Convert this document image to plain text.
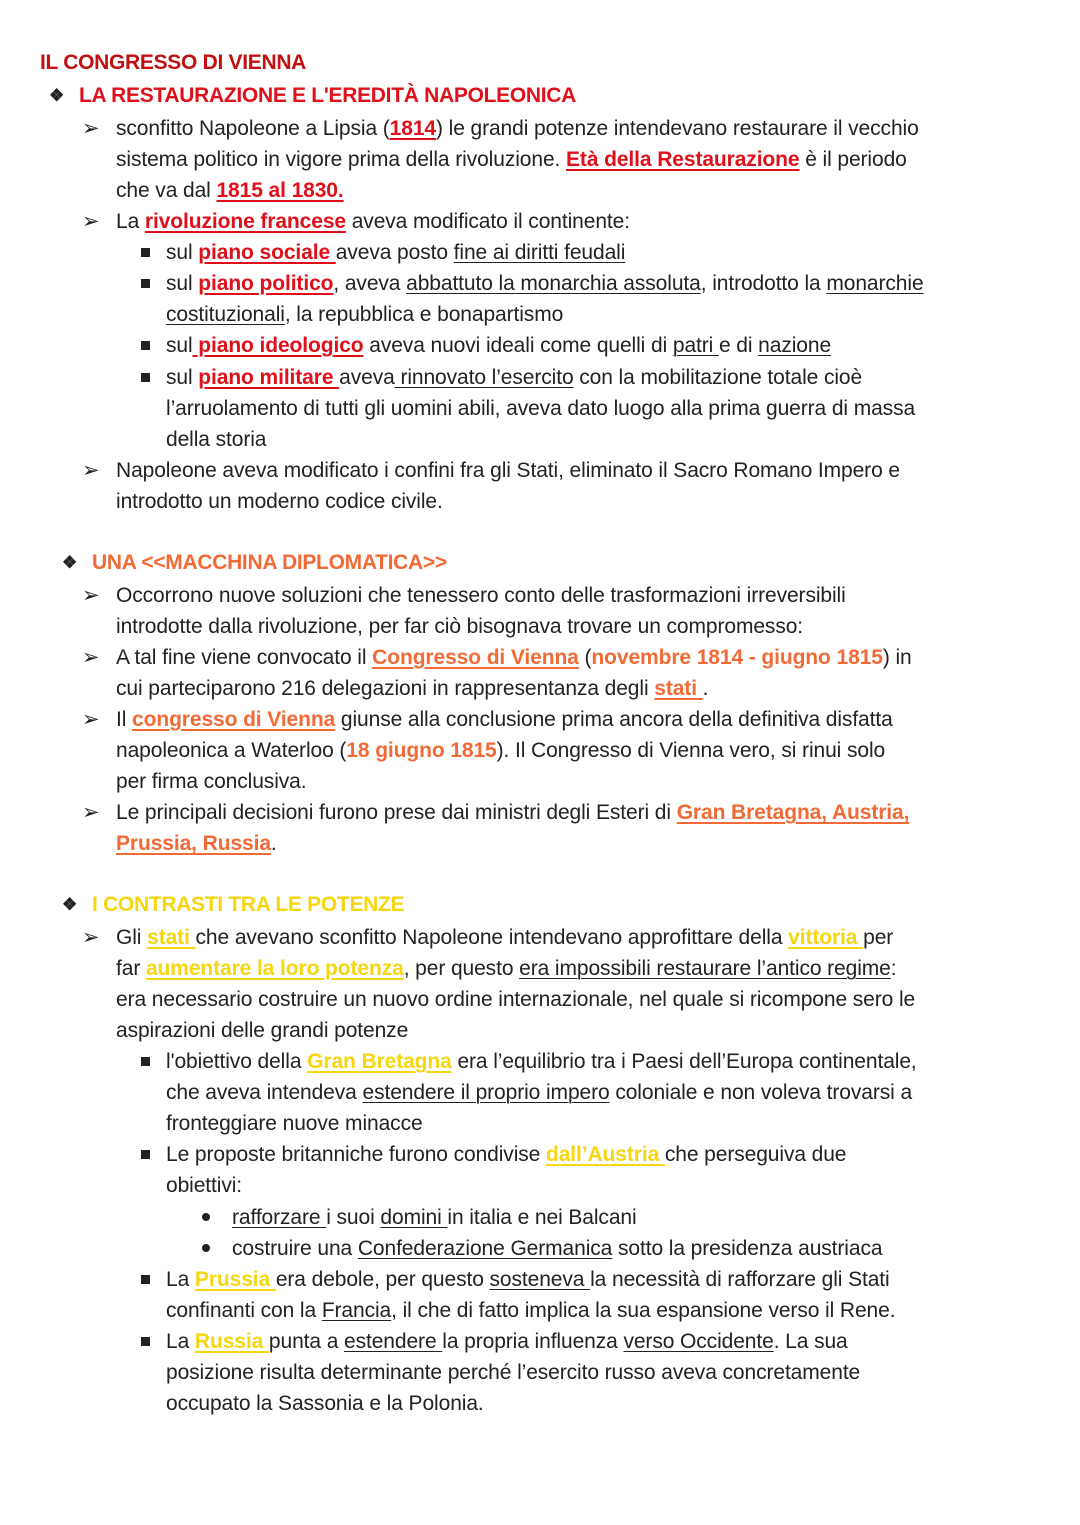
IL CONGRESSO DI VIENNA
❖ LA RESTAURAZIONE E L'EREDITÀ NAPOLEONICA
➢ sconfitto Napoleone a Lipsia (1814) le grandi potenze intendevano restaurare il vecchio
sistema politico in vigore prima della rivoluzione. Età della Restaurazione è il periodo
che va dal 1815 al 1830.
➢ La rivoluzione francese aveva modificato il continente:
sul piano sociale aveva posto fine ai diritti feudali
sul piano politico, aveva abbattuto la monarchia assoluta, introdotto la monarchie
costituzionali, la repubblica e bonapartismo
sul piano ideologico aveva nuovi ideali come quelli di patri e di nazione
sul piano militare aveva rinnovato l’esercito con la mobilitazione totale cioè
l’arruolamento di tutti gli uomini abili, aveva dato luogo alla prima guerra di massa
della storia
➢ Napoleone aveva modificato i confini fra gli Stati, eliminato il Sacro Romano Impero e
introdotto un moderno codice civile.
❖ UNA <<MACCHINA DIPLOMATICA>>
➢ Occorrono nuove soluzioni che tenessero conto delle trasformazioni irreversibili
introdotte dalla rivoluzione, per far ciò bisognava trovare un compromesso:
➢ A tal fine viene convocato il Congresso di Vienna (novembre 1814 - giugno 1815) in
cui parteciparono 216 delegazioni in rappresentanza degli stati .
➢ Il congresso di Vienna giunse alla conclusione prima ancora della definitiva disfatta
napoleonica a Waterloo (18 giugno 1815). Il Congresso di Vienna vero, si rinui solo
per firma conclusiva.
➢ Le principali decisioni furono prese dai ministri degli Esteri di Gran Bretagna, Austria,
Prussia, Russia.
❖ I CONTRASTI TRA LE POTENZE
➢ Gli stati che avevano sconfitto Napoleone intendevano approfittare della vittoria per
far aumentare la loro potenza, per questo era impossibili restaurare l’antico regime:
era necessario costruire un nuovo ordine internazionale, nel quale si ricompone sero le
aspirazioni delle grandi potenze
l'obiettivo della Gran Bretagna era l’equilibrio tra i Paesi dell’Europa continentale,
che aveva intendeva estendere il proprio impero coloniale e non voleva trovarsi a
fronteggiare nuove minacce
Le proposte britanniche furono condivise dall’Austria che perseguiva due
obiettivi:
rafforzare i suoi domini in italia e nei Balcani
costruire una Confederazione Germanica sotto la presidenza austriaca
La Prussia era debole, per questo sosteneva la necessità di rafforzare gli Stati
confinanti con la Francia, il che di fatto implica la sua espansione verso il Rene.
La Russia punta a estendere la propria influenza verso Occidente. La sua
posizione risulta determinante perché l’esercito russo aveva concretamente
occupato la Sassonia e la Polonia.
